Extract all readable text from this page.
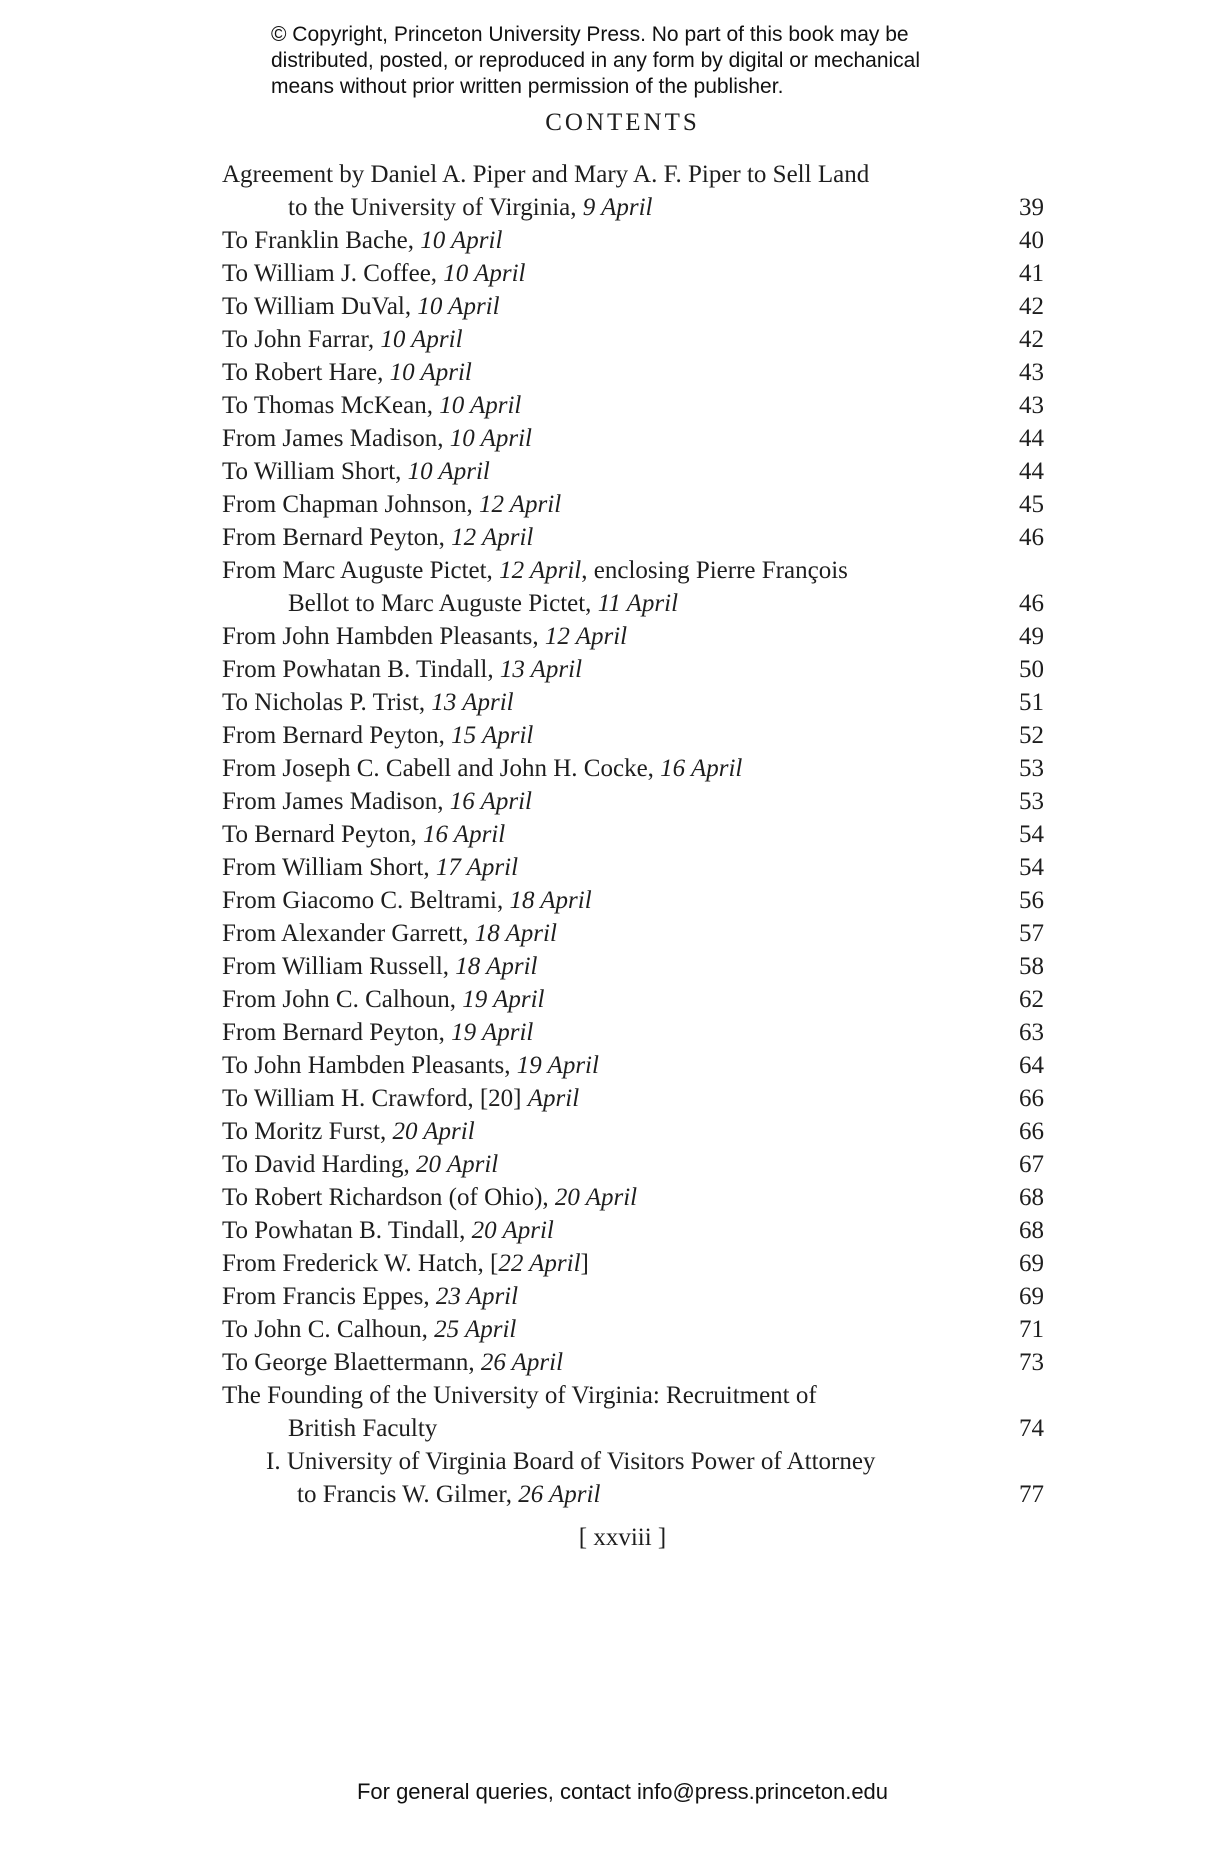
© Copyright, Princeton University Press. No part of this book may be
distributed, posted, or reproduced in any form by digital or mechanical
means without prior written permission of the publisher.
CONTENTS
Agreement by Daniel A. Piper and Mary A. F. Piper to Sell Land
to the University of Virginia, 9 April	39
To Franklin Bache, 10 April	40
To William J. Coffee, 10 April	41
To William DuVal, 10 April	42
To John Farrar, 10 April	42
To Robert Hare, 10 April	43
To Thomas McKean, 10 April	43
From James Madison, 10 April	44
To William Short, 10 April	44
From Chapman Johnson, 12 April	45
From Bernard Peyton, 12 April	46
From Marc Auguste Pictet, 12 April, enclosing Pierre François
Bellot to Marc Auguste Pictet, 11 April	46
From John Hambden Pleasants, 12 April	49
From Powhatan B. Tindall, 13 April	50
To Nicholas P. Trist, 13 April	51
From Bernard Peyton, 15 April	52
From Joseph C. Cabell and John H. Cocke, 16 April	53
From James Madison, 16 April	53
To Bernard Peyton, 16 April	54
From William Short, 17 April	54
From Giacomo C. Beltrami, 18 April	56
From Alexander Garrett, 18 April	57
From William Russell, 18 April	58
From John C. Calhoun, 19 April	62
From Bernard Peyton, 19 April	63
To John Hambden Pleasants, 19 April	64
To William H. Crawford, [20] April	66
To Moritz Furst, 20 April	66
To David Harding, 20 April	67
To Robert Richardson (of Ohio), 20 April	68
To Powhatan B. Tindall, 20 April	68
From Frederick W. Hatch, [22 April]	69
From Francis Eppes, 23 April	69
To John C. Calhoun, 25 April	71
To George Blaettermann, 26 April	73
The Founding of the University of Virginia: Recruitment of
British Faculty	74
I. University of Virginia Board of Visitors Power of Attorney
to Francis W. Gilmer, 26 April	77
[ xxviii ]
For general queries, contact info@press.princeton.edu
